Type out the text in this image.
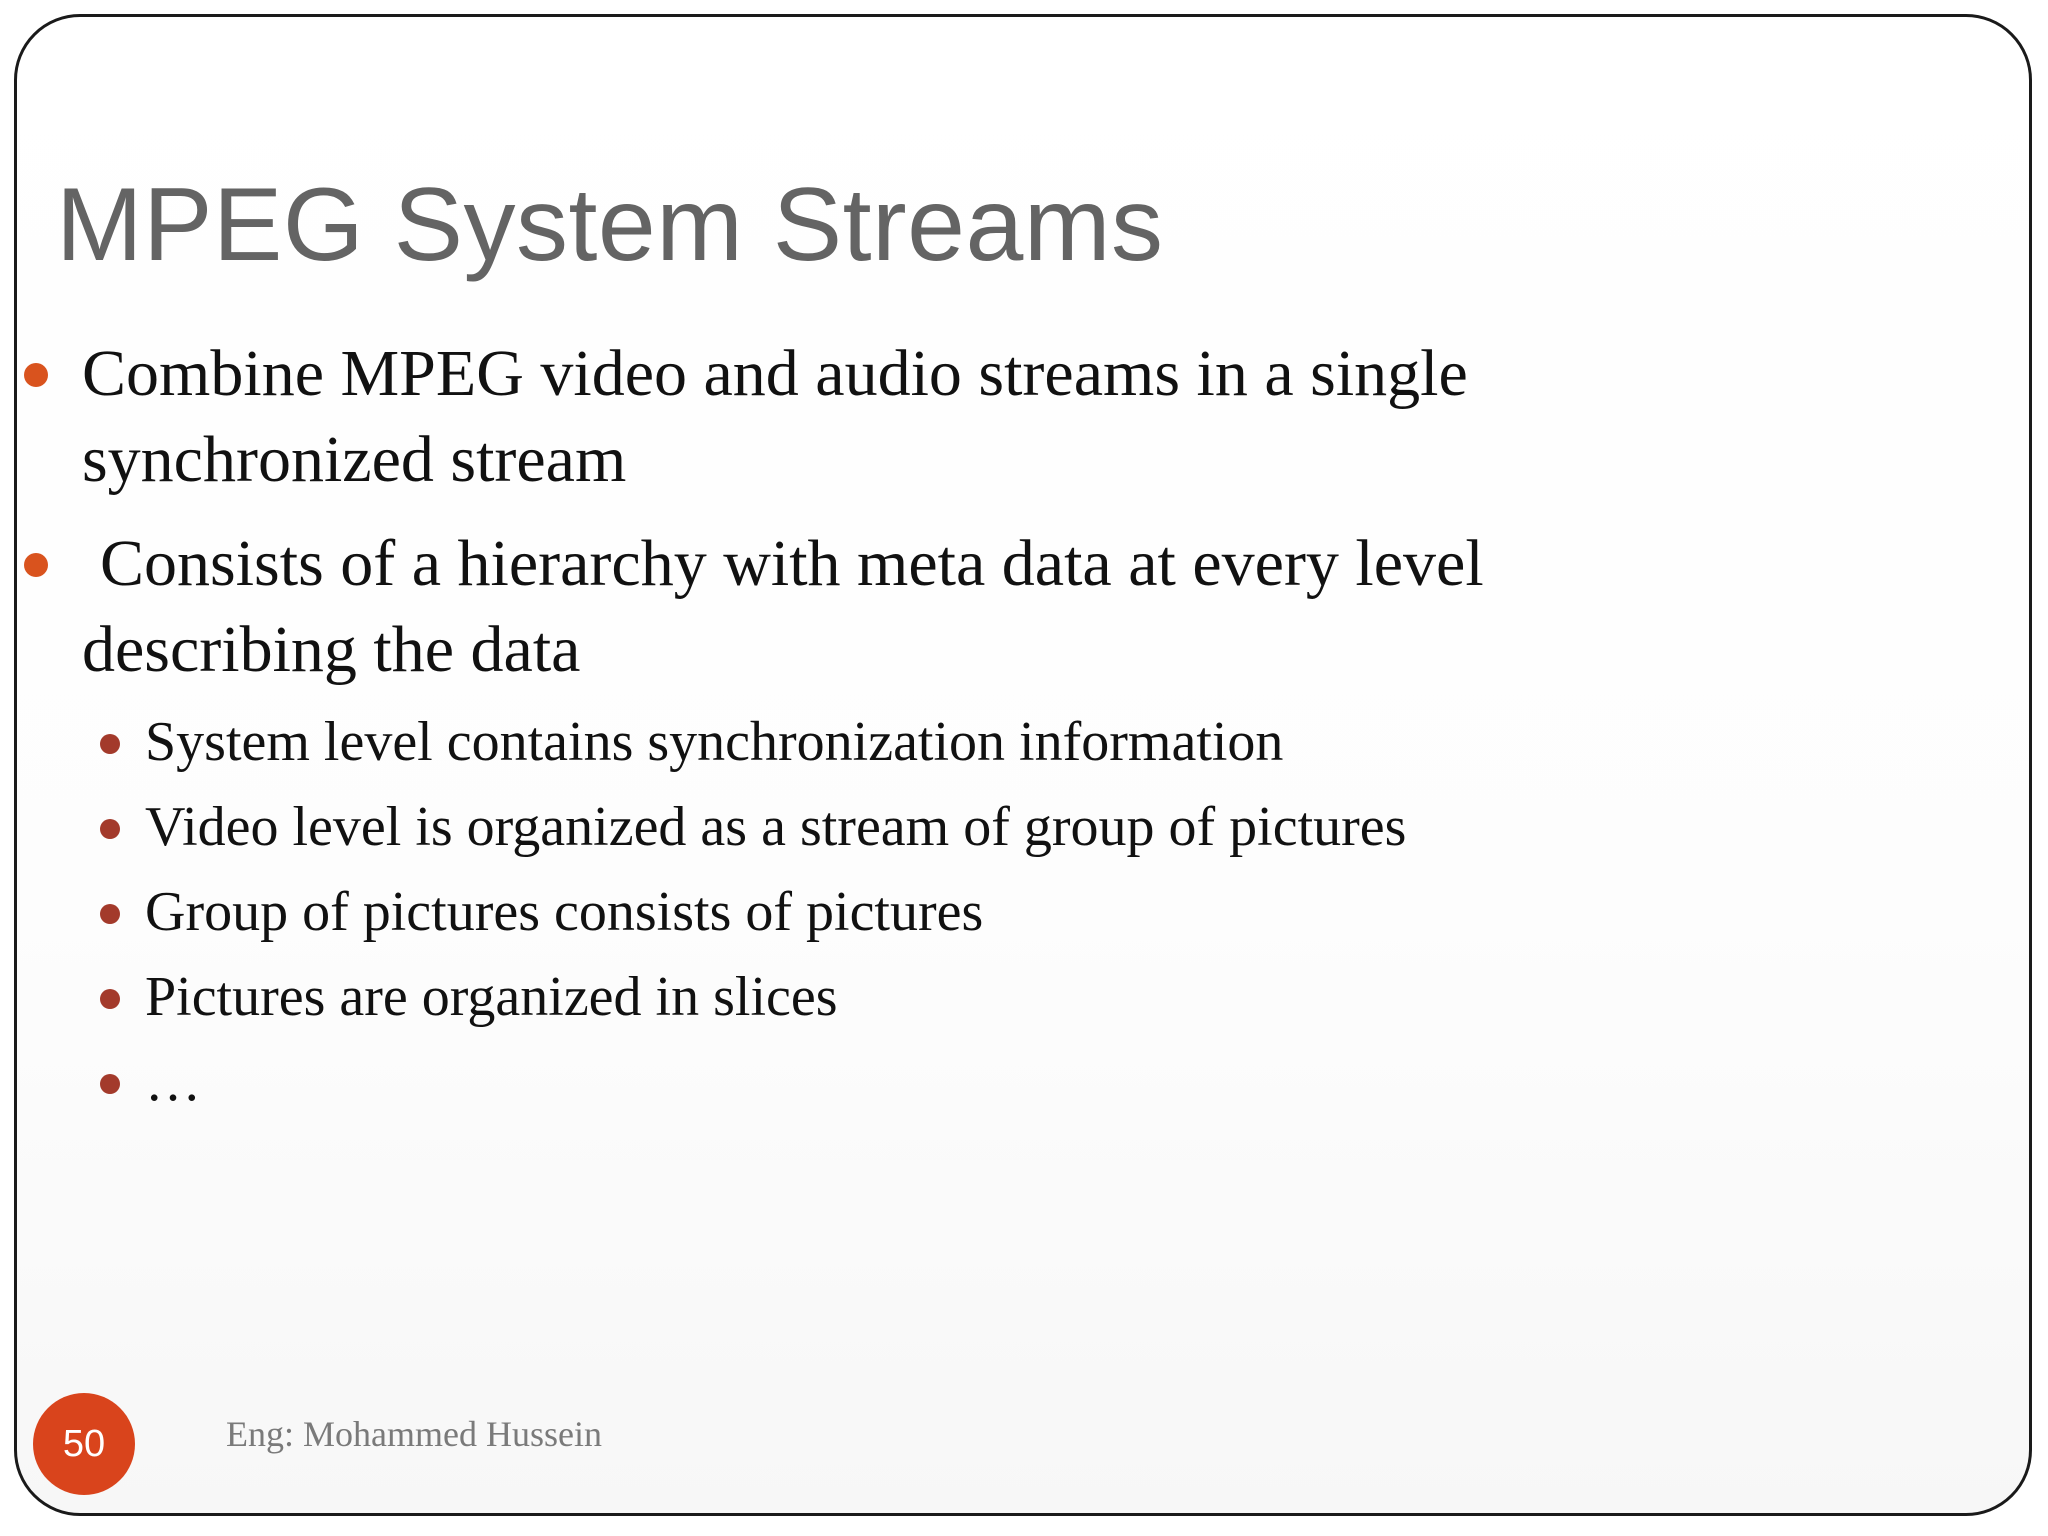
MPEG System Streams
Combine MPEG video and audio streams in a single
synchronized stream
Consists of a hierarchy with meta data at every level
describing the data
System level contains synchronization information
Video level is organized as a stream of group of pictures
Group of pictures consists of pictures
Pictures are organized in slices
…
50	Eng: Mohammed Hussein
